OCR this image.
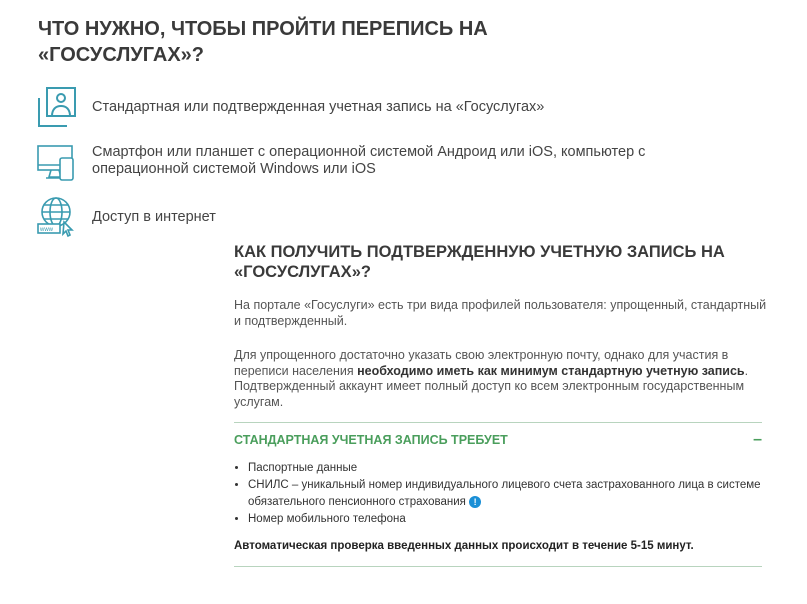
ЧТО НУЖНО, ЧТОБЫ ПРОЙТИ ПЕРЕПИСЬ НА «ГОСУСЛУГАХ»?
Стандартная или подтвержденная учетная запись на «Госуслугах»
Смартфон или планшет с операционной системой Андроид или iOS, компьютер с операционной системой Windows или iOS
www
Доступ в интернет
КАК ПОЛУЧИТЬ ПОДТВЕРЖДЕННУЮ УЧЕТНУЮ ЗАПИСЬ НА «ГОСУСЛУГАХ»?

На портале «Госуслуги» есть три вида профилей пользователя: упрощенный, стандартный и подтвержденный.

Для упрощенного достаточно указать свою электронную почту, однако для участия в переписи населения необходимо иметь как минимум стандартную учетную запись. Подтвержденный аккаунт имеет полный доступ ко всем электронным государственным услугам.

СТАНДАРТНАЯ УЧЕТНАЯ ЗАПИСЬ ТРЕБУЕТ	–
• Паспортные данные
• СНИЛС – уникальный номер индивидуального лицевого счета застрахованного лица в системе обязательного пенсионного страхования !
• Номер мобильного телефона
Автоматическая проверка введенных данных происходит в течение 5-15 минут.
